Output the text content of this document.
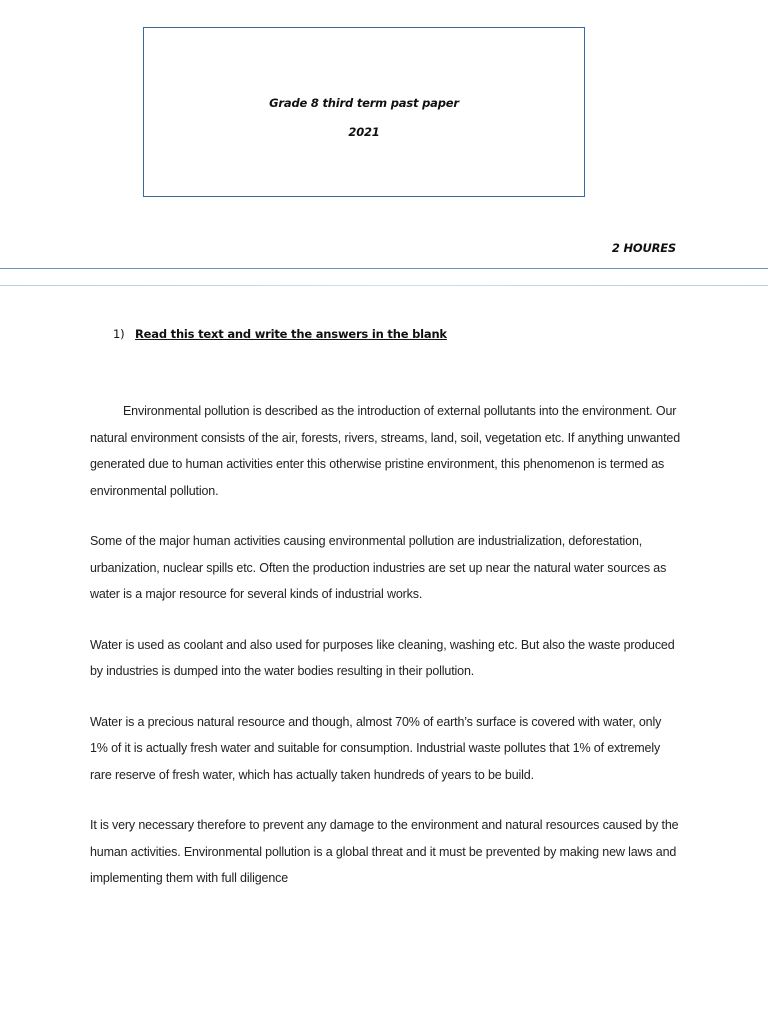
Grade 8 third term past paper
2021
2 HOURES
1) Read this text and write the answers in the blank

Environmental pollution is described as the introduction of external pollutants into the environment. Our natural environment consists of the air, forests, rivers, streams, land, soil, vegetation etc. If anything unwanted generated due to human activities enter this otherwise pristine environment, this phenomenon is termed as environmental pollution.

Some of the major human activities causing environmental pollution are industrialization, deforestation, urbanization, nuclear spills etc. Often the production industries are set up near the natural water sources as water is a major resource for several kinds of industrial works.

Water is used as coolant and also used for purposes like cleaning, washing etc. But also the waste produced by industries is dumped into the water bodies resulting in their pollution.

Water is a precious natural resource and though, almost 70% of earth’s surface is covered with water, only 1% of it is actually fresh water and suitable for consumption. Industrial waste pollutes that 1% of extremely rare reserve of fresh water, which has actually taken hundreds of years to be build.

It is very necessary therefore to prevent any damage to the environment and natural resources caused by the human activities. Environmental pollution is a global threat and it must be prevented by making new laws and implementing them with full diligence
